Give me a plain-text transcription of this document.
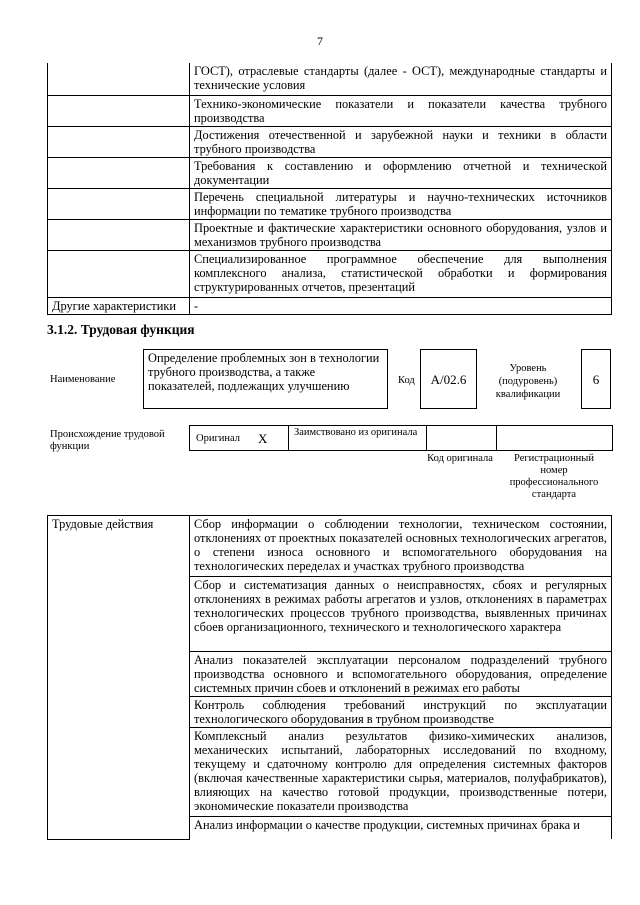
7
	ГОСТ), отраслевые стандарты (далее - ОСТ), международные стандарты и технические условия
	Технико-экономические показатели и показатели качества трубного производства
	Достижения отечественной и зарубежной науки и техники в области трубного производства
	Требования к составлению и оформлению отчетной и технической документации
	Перечень специальной литературы и научно-технических источников информации по тематике трубного производства
	Проектные и фактические характеристики основного оборудования, узлов и механизмов трубного производства
	Специализированное программное обеспечение для выполнения комплексного анализа, статистической обработки и формирования структурированных отчетов, презентаций
Другие характеристики	-
3.1.2. Трудовая функция
Наименование
Определение проблемных зон в технологии трубного производства, а также показателей, подлежащих улучшению	Код	А/02.6
Уровень (подуровень) квалификации
6
Происхождение трудовой функции
Оригинал X	Заимствовано из оригинала
Код оригинала	Регистрационный номер профессионального стандарта
Трудовые действия	Сбор информации о соблюдении технологии, техническом состоянии, отклонениях от проектных показателей основных технологических агрегатов, о степени износа основного и вспомогательного оборудования на технологических переделах и участках трубного производства
Сбор и систематизация данных о неисправностях, сбоях и регулярных отклонениях в режимах работы агрегатов и узлов, отклонениях в параметрах технологических процессов трубного производства, выявленных причинах сбоев организационного, технического и технологического характера
Анализ показателей эксплуатации персоналом подразделений трубного производства основного и вспомогательного оборудования, определение системных причин сбоев и отклонений в режимах его работы
Контроль соблюдения требований инструкций по эксплуатации технологического оборудования в трубном производстве
Комплексный анализ результатов физико-химических анализов, механических испытаний, лабораторных исследований по входному, текущему и сдаточному контролю для определения системных факторов (включая качественные характеристики сырья, материалов, полуфабрикатов), влияющих на качество готовой продукции, производственные потери, экономические показатели производства
Анализ информации о качестве продукции, системных причинах брака и
